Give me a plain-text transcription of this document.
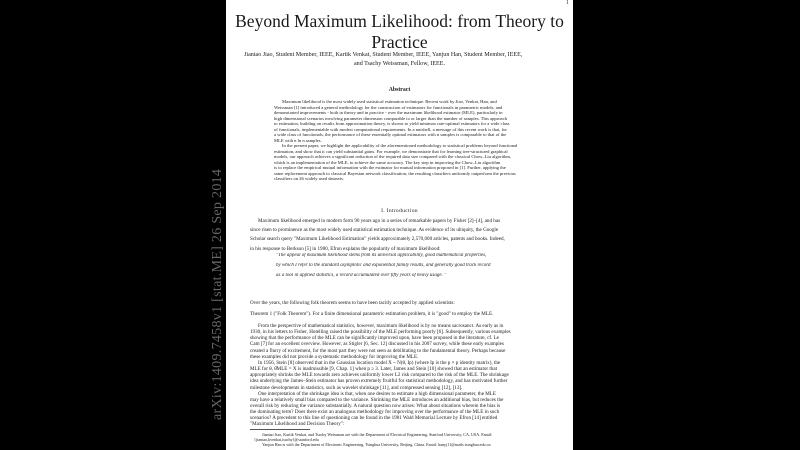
Beyond Maximum Likelihood: from Theory to
Practice
Jiantao Jiao, Student Member, IEEE, Kartik Venkat, Student Member, IEEE, Yanjun Han, Student Member, IEEE,
and Tsachy Weissman, Fellow, IEEE.
Abstract
Maximum likelihood is the most widely used statistical estimation technique. Recent work by Jiao, Venkat, Han, and
Weissman [1] introduced a general methodology for the construction of estimators for functionals in parametric models, and
demonstrated improvements - both in theory and in practice - over the maximum likelihood estimator (MLE), particularly in
high dimensional scenarios involving parameter dimension comparable to or larger than the number of samples. This approach
to estimation, building on results from approximation theory, is shown to yield minimax rate-optimal estimators for a wide class
of functionals, implementable with modest computational requirements. In a nutshell, a message of this recent work is that, for
a wide class of functionals, the performance of these essentially optimal estimators with n samples is comparable to that of the
MLE with n ln n samples.
In the present paper, we highlight the applicability of the aforementioned methodology to statistical problems beyond functional
estimation, and show that it can yield substantial gains. For example, we demonstrate that for learning tree-structured graphical
models, our approach achieves a significant reduction of the required data size compared with the classical Chow–Liu algorithm,
which is an implementation of the MLE, to achieve the same accuracy. The key step in improving the Chow–Liu algorithm
is to replace the empirical mutual information with the estimator for mutual information proposed in [1]. Further, applying the
same replacement approach to classical Bayesian network classification, the resulting classifiers uniformly outperform the previous
classifiers on 26 widely used datasets.
I. Introduction
Maximum likelihood emerged in modern form 90 years ago in a series of remarkable papers by Fisher [2]–[4], and has
since risen to prominence as the most widely used statistical estimation technique. As evidence of its ubiquity, the Google
Scholar search query "Maximum Likelihood Estimation" yields approximately 2,570,000 articles, patents and books. Indeed,
in his response to Berkson [5] in 1980, Efron explains the popularity of maximum likelihood:
"The appeal of maximum likelihood stems from its universal applicability, good mathematical properties,
by which I refer to the standard asymptotic and exponential family results, and generally good track record
as a tool in applied statistics, a record accumulated over fifty years of heavy usage. "
Over the years, the following folk theorem seems to have been tacitly accepted by applied scientists:
Theorem 1 ("Folk Theorem"). For a finite dimensional parametric estimation problem, it is "good" to employ the MLE.
From the perspective of mathematical statistics, however, maximum likelihood is by no means sacrosanct. As early as in
1930, in his letters to Fisher, Hotelling raised the possibility of the MLE performing poorly [6]. Subsequently, various examples
showing that the performance of the MLE can be significantly improved upon, have been proposed in the literature, cf. Le
Cam [7] for an excellent overview. However, as Stigler [6, Sec. 12] discussed in his 2007 survey, while these early examples
created a flurry of excitement, for the most part they were not seen as debilitating to the fundamental theory. Perhaps because
these examples did not provide a systematic methodology for improving the MLE.
In 1956, Stein [8] observed that in the Gaussian location model X ~ N(θ, Ip) (where Ip is the p × p identity matrix), the
MLE for θ, θ̂MLE = X is inadmissible [9, Chap. 1] when p ≥ 3. Later, James and Stein [10] showed that an estimator that
appropriately shrinks the MLE towards zero achieves uniformly lower L2 risk compared to the risk of the MLE. The shrinkage
idea underlying the James–Stein estimator has proven extremely fruitful for statistical methodology, and has motivated further
milestone developments in statistics, such as wavelet shrinkage [11], and compressed sensing [12], [13].
One interpretation of the shrinkage idea is that, when one desires to estimate a high dimensional parameter, the MLE
may have a relatively small bias compared to the variance. Shrinking the MLE introduces an additional bias, but reduces the
overall risk by reducing the variance substantially. A natural question now arises: What about situations wherein the bias is
the dominating term? Does there exist an analogous methodology for improving over the performance of the MLE in such
scenarios? A precedent to this line of questioning can be found in the 1981 Wald Memorial Lecture by Efron [14] entitled
"Maximum Likelihood and Decision Theory":
Jiantao Jiao, Kartik Venkat, and Tsachy Weissman are with the Department of Electrical Engineering, Stanford University, CA, USA. Email:
{jiantao,kvenkat,tsachy}@stanford.edu
Yanjun Han is with the Department of Electronic Engineering, Tsinghua University, Beijing, China. Email: hanyj11@mails.tsinghua.edu.cn
1
arXiv:1409.7458v1 [stat.ME] 26 Sep 2014
